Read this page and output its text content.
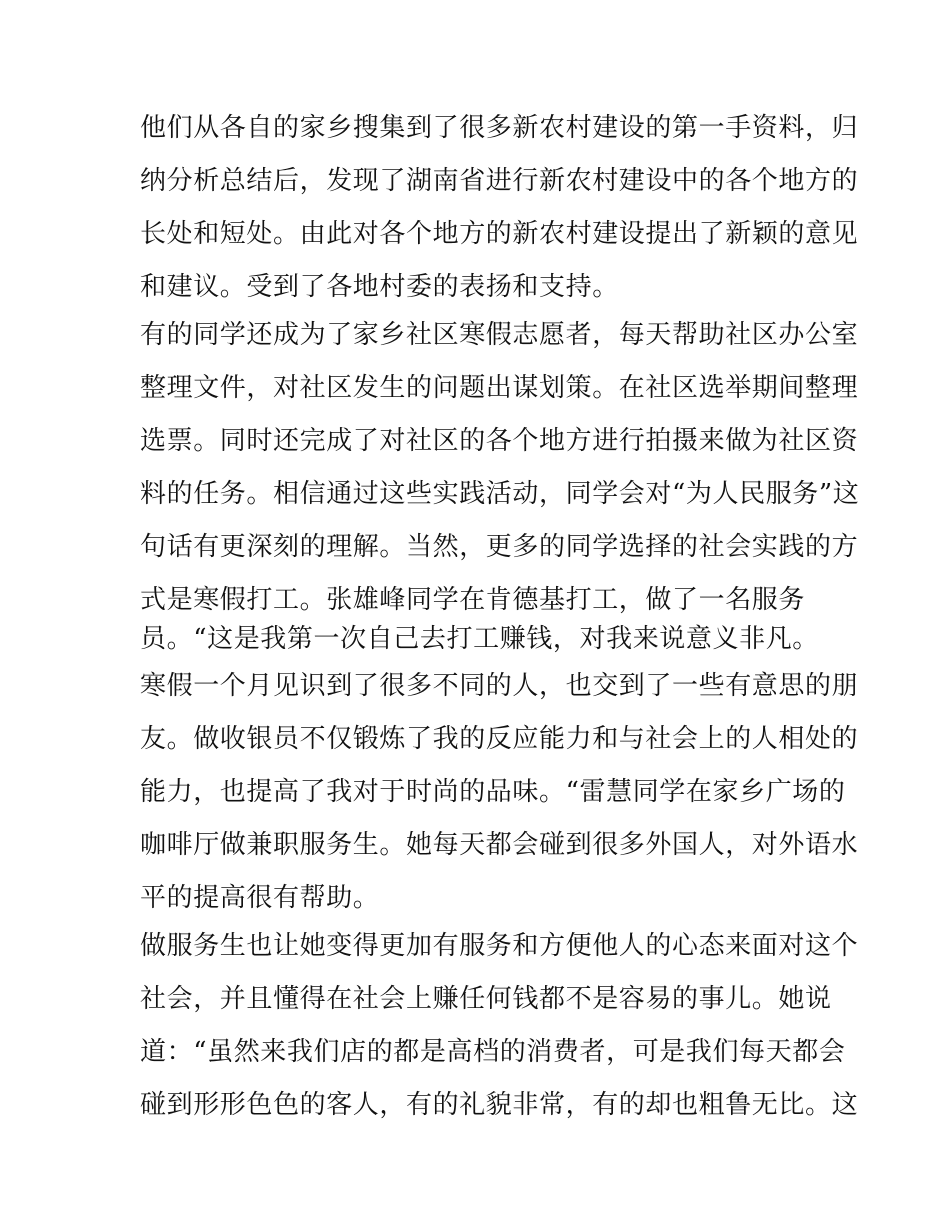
他们从各自的家乡搜集到了很多新农村建设的第一手资料，归
纳分析总结后，发现了湖南省进行新农村建设中的各个地方的
长处和短处。由此对各个地方的新农村建设提出了新颖的意见
和建议。受到了各地村委的表扬和支持。
有的同学还成为了家乡社区寒假志愿者，每天帮助社区办公室
整理文件，对社区发生的问题出谋划策。在社区选举期间整理
选票。同时还完成了对社区的各个地方进行拍摄来做为社区资
料的任务。相信通过这些实践活动，同学会对“为人民服务”这
句话有更深刻的理解。当然，更多的同学选择的社会实践的方
式是寒假打工。张雄峰同学在肯德基打工，做了一名服务
员。“这是我第一次自己去打工赚钱，对我来说意义非凡。
寒假一个月见识到了很多不同的人，也交到了一些有意思的朋
友。做收银员不仅锻炼了我的反应能力和与社会上的人相处的
能力，也提高了我对于时尚的品味。“雷慧同学在家乡广场的
咖啡厅做兼职服务生。她每天都会碰到很多外国人，对外语水
平的提高很有帮助。
做服务生也让她变得更加有服务和方便他人的心态来面对这个
社会，并且懂得在社会上赚任何钱都不是容易的事儿。她说
道：“虽然来我们店的都是高档的消费者，可是我们每天都会
碰到形形色色的客人，有的礼貌非常，有的却也粗鲁无比。这
